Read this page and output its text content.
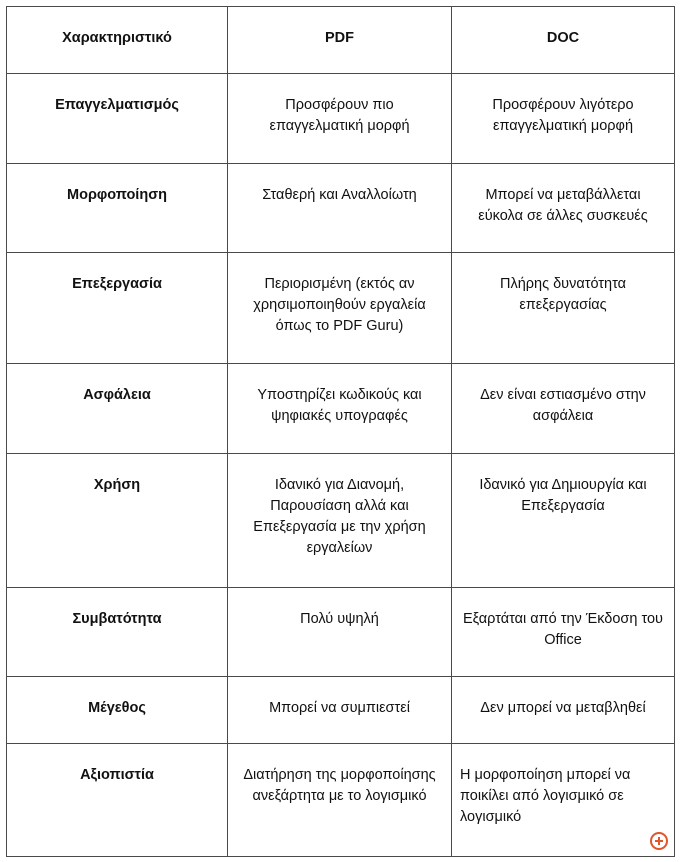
Χαρακτηριστικό	PDF	DOC
Επαγγελματισμός	Προσφέρουν πιο επαγγελματική μορφή	Προσφέρουν λιγότερο επαγγελματική μορφή
Μορφοποίηση	Σταθερή και Αναλλοίωτη	Μπορεί να μεταβάλλεται εύκολα σε άλλες συσκευές
Επεξεργασία	Περιορισμένη (εκτός αν χρησιμοποιηθούν εργαλεία όπως το PDF Guru)	Πλήρης δυνατότητα επεξεργασίας
Ασφάλεια	Υποστηρίζει κωδικούς και ψηφιακές υπογραφές	Δεν είναι εστιασμένο στην ασφάλεια
Χρήση	Ιδανικό για Διανομή, Παρουσίαση αλλά και Επεξεργασία με την χρήση εργαλείων	Ιδανικό για Δημιουργία και Επεξεργασία
Συμβατότητα	Πολύ υψηλή	Εξαρτάται από την Έκδοση του Office
Μέγεθος	Μπορεί να συμπιεστεί	Δεν μπορεί να μεταβληθεί
Αξιοπιστία	Διατήρηση της μορφοποίησης ανεξάρτητα με το λογισμικό	Η μορφοποίηση μπορεί να ποικίλει από λογισμικό σε λογισμικό
